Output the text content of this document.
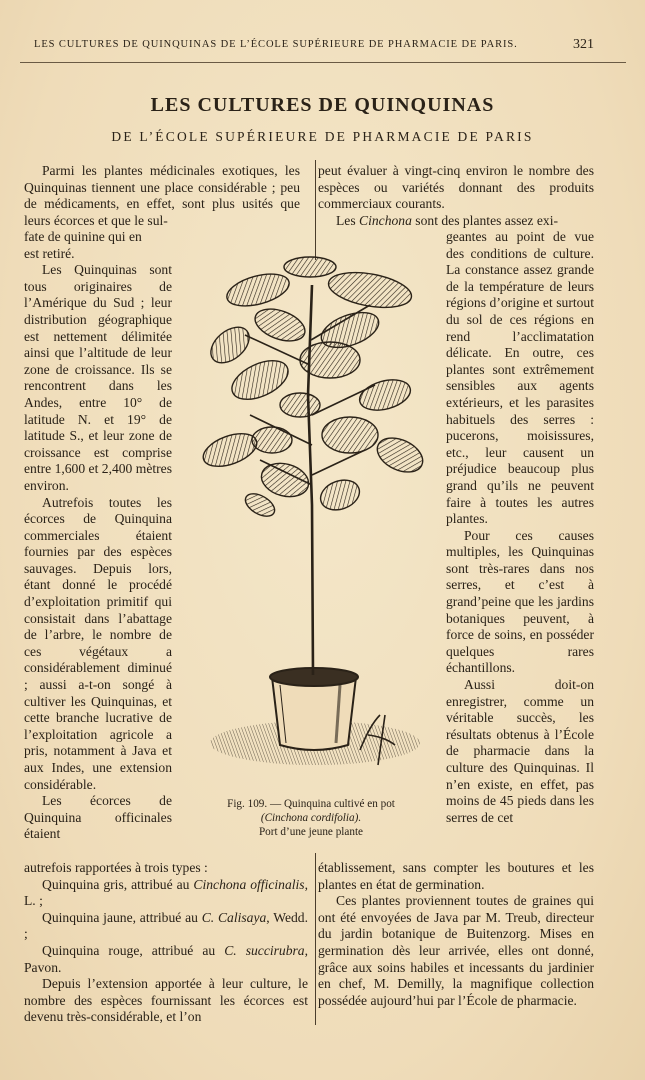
LES CULTURES DE QUINQUINAS DE L’ÉCOLE SUPÉRIEURE DE PHARMACIE DE PARIS.	321
LES CULTURES DE QUINQUINAS
DE L’ÉCOLE SUPÉRIEURE DE PHARMACIE DE PARIS

Parmi les plantes médicinales exotiques, les Quinquinas tiennent une place considérable ; peu de médicaments, en effet, sont plus usités que leurs écorces et que le sul-

fate de quinine qui en

est retiré.

Les Quinquinas sont tous originaires de l’Amérique du Sud ; leur distribution géographique est nettement délimitée ainsi que l’altitude de leur zone de croissance. Ils se rencontrent dans les Andes, entre 10° de latitude N. et 19° de latitude S., et leur zone de croissance est comprise entre 1,600 et 2,400 mètres environ.

Autrefois toutes les écorces de Quinquina commerciales étaient fournies par des espèces sauvages. Depuis lors, étant donné le procédé d’exploitation primitif qui consistait dans l’abattage de l’arbre, le nombre de ces végétaux a considérablement diminué ; aussi a-t-on songé à cultiver les Quinquinas, et cette branche lucrative de l’exploitation agricole a pris, notamment à Java et aux Indes, une extension considérable.

Les écorces de Quinquina officinales étaient

autrefois rapportées à trois types :

Quinquina gris, attribué au Cinchona officinalis, L. ;

Quinquina jaune, attribué au C. Calisaya, Wedd. ;

Quinquina rouge, attribué au C. succirubra, Pavon.

Depuis l’extension apportée à leur culture, le nombre des espèces fournissant les écorces est devenu très-considérable, et l’on

peut évaluer à vingt-cinq environ le nombre des espèces ou variétés donnant des produits commerciaux courants.

Les Cinchona sont des plantes assez exi-

geantes au point de vue des conditions de culture. La constance assez grande de la température de leurs régions d’origine et surtout du sol de ces régions en rend l’acclimatation délicate. En outre, ces plantes sont extrêmement sensibles aux agents extérieurs, et les parasites habituels des serres : pucerons, moisissures, etc., leur causent un préjudice beaucoup plus grand qu’ils ne peuvent faire à toutes les autres plantes.

Pour ces causes multiples, les Quinquinas sont très-rares dans nos serres, et c’est à grand’peine que les jardins botaniques peuvent, à force de soins, en posséder quelques rares échantillons.

Aussi doit-on enregistrer, comme un véritable succès, les résultats obtenus à l’École de pharmacie dans la culture des Quinquinas. Il n’en existe, en effet, pas moins de 45 pieds dans les serres de cet

établissement, sans compter les boutures et les plantes en état de germination.

Ces plantes proviennent toutes de graines qui ont été envoyées de Java par M. Treub, directeur du jardin botanique de Buitenzorg. Mises en germination dès leur arrivée, elles ont donné, grâce aux soins habiles et incessants du jardinier en chef, M. Demilly, la magnifique collection possédée aujourd’hui par l’École de pharmacie.

Fig. 109. — Quinquina cultivé en pot
(Cinchona cordifolia).
Port d’une jeune plante
